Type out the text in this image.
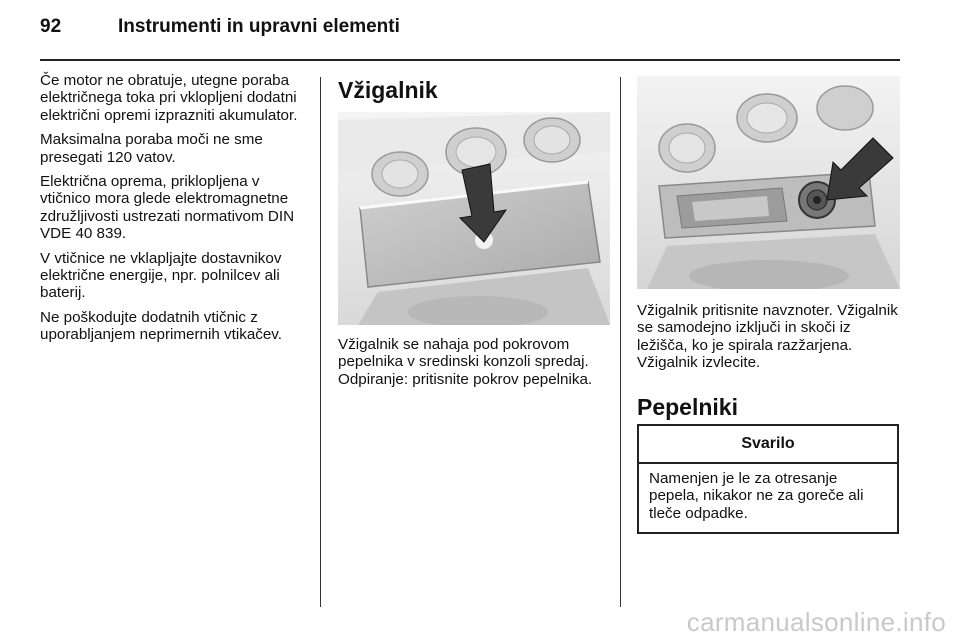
92	Instrumenti in upravni elementi

Če motor ne obratuje, utegne poraba električnega toka pri vklopljeni dodatni električni opremi izprazniti akumulator.

Maksimalna poraba moči ne sme presegati 120 vatov.

Električna oprema, priklopljena v vtičnico mora glede elektromagnetne združljivosti ustrezati normativom DIN VDE 40 839.

V vtičnice ne vklapljajte dostavnikov električne energije, npr. polnilcev ali baterij.

Ne poškodujte dodatnih vtičnic z uporabljanjem neprimernih vtikačev.

Vžigalnik
Vžigalnik se nahaja pod pokrovom pepelnika v sredinski konzoli spredaj. Odpiranje: pritisnite pokrov pepelnika.
Vžigalnik pritisnite navznoter. Vžigalnik se samodejno izključi in skoči iz ležišča, ko je spirala razžarjena. Vžigalnik izvlecite.
Pepelniki
Svarilo
Namenjen je le za otresanje pepela, nikakor ne za goreče ali tleče odpadke.
carmanualsonline.info
